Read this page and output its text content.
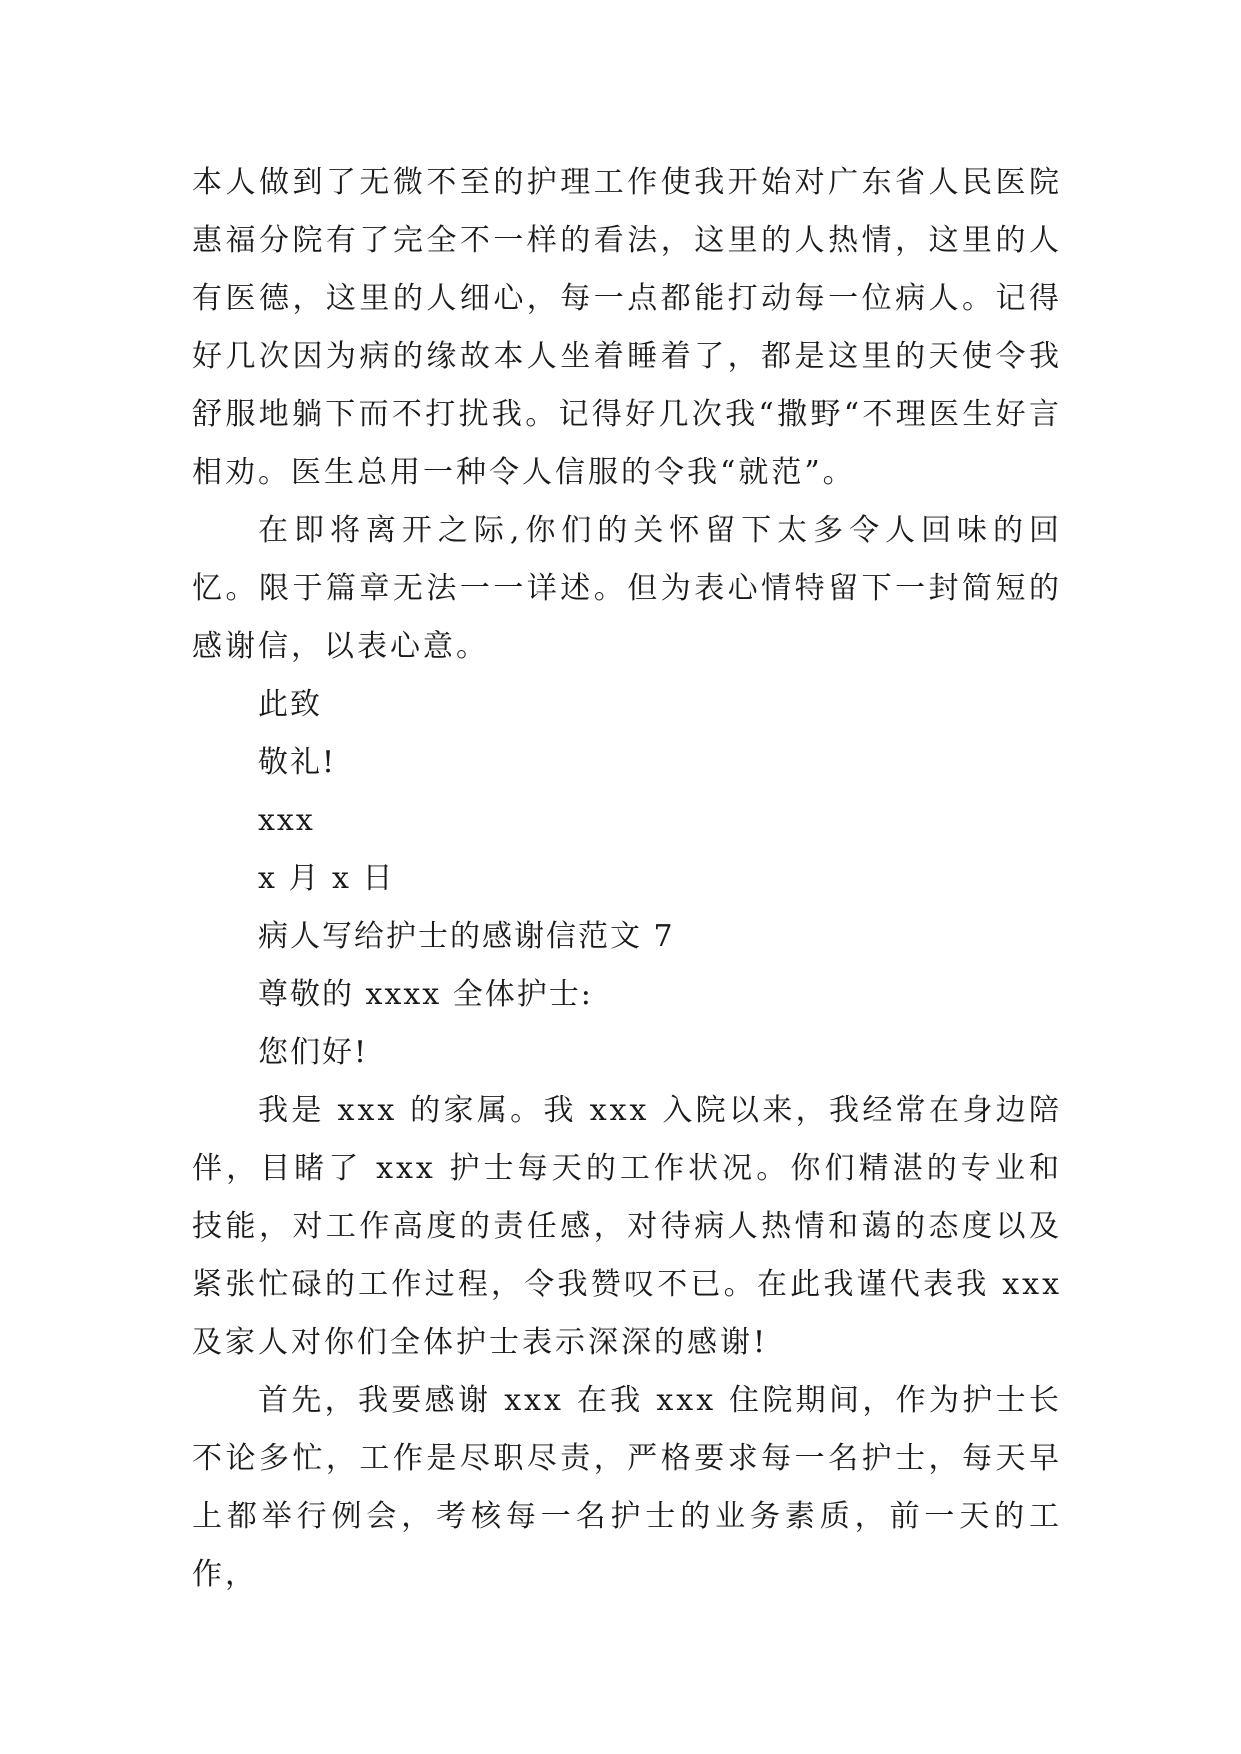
本人做到了无微不至的护理工作使我开始对广东省人民医院惠福分院有了完全不一样的看法，这里的人热情，这里的人有医德，这里的人细心，每一点都能打动每一位病人。记得好几次因为病的缘故本人坐着睡着了，都是这里的天使令我舒服地躺下而不打扰我。记得好几次我“撒野“不理医生好言相劝。医生总用一种令人信服的令我“就范”。

在即将离开之际,你们的关怀留下太多令人回味的回忆。限于篇章无法一一详述。但为表心情特留下一封简短的感谢信，以表心意。

此致

敬礼!

xxx

x 月 x 日

病人写给护士的感谢信范文 7

尊敬的 xxxx 全体护士:

您们好!

我是 xxx 的家属。我 xxx 入院以来，我经常在身边陪伴，目睹了 xxx 护士每天的工作状况。你们精湛的专业和技能，对工作高度的责任感，对待病人热情和蔼的态度以及紧张忙碌的工作过程，令我赞叹不已。在此我谨代表我 xxx 及家人对你们全体护士表示深深的感谢!

首先，我要感谢 xxx 在我 xxx 住院期间，作为护士长不论多忙，工作是尽职尽责，严格要求每一名护士，每天早上都举行例会，考核每一名护士的业务素质，前一天的工作，
